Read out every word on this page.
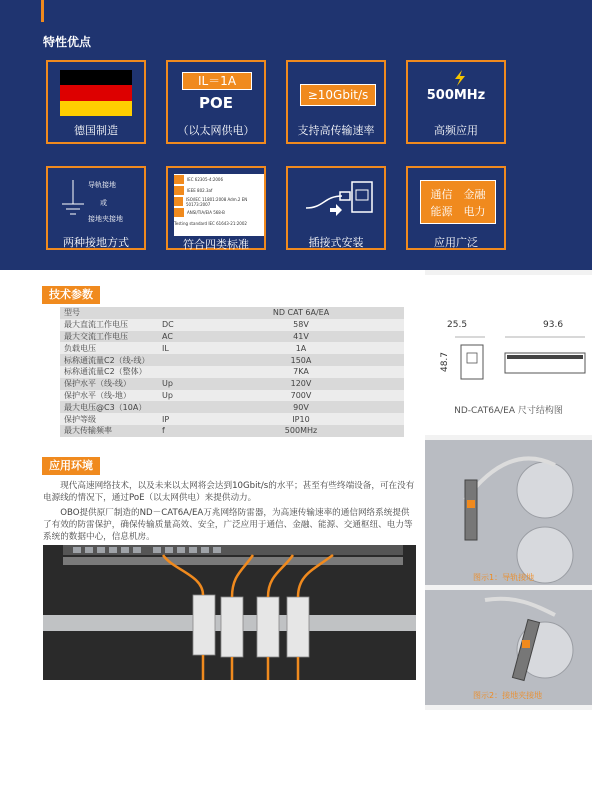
特性优点
德国制造
IL＝1A
POE
（以太网供电）
≥10Gbit/s
支持高传输速率
500MHz
高频应用
导轨接地
或
接地夹接地
两种接地方式
IEC 62305-4:2006
IEEE 802.3af
ISO/IEC 11801:2008 Adm.2 EN 50173:2007
ANSI/TIA/EIA 568-B
Testing standard IEC 61643-21:2002
符合四类标准	插接式安装
通信 金融
能源 电力
应用广泛
技术参数
型号		ND CAT 6A/EA
最大直流工作电压	DC	58V
最大交流工作电压	AC	41V
负载电压	IL	1A
标称通流量C2（线-线）		150A
标称通流量C2（整体）		7KA
保护水平（线-线）	Up	120V
保护水平（线-地）	Up	700V
最大电压@C3（10A）		90V
保护等级	IP	IP10
最大传输频率	f	500MHz
25.5	93.6
48.7
ND-CAT6A/EA 尺寸结构图
应用环境
现代高速网络技术，以及未来以太网将会达到10Gbit/s的水平；甚至有些终端设备，可在没有电源线的情况下，通过PoE（以太网供电）来提供动力。
OBO提供原厂制造的ND－CAT6A/EA万兆网络防雷器，为高速传输速率的通信网络系统提供了有效的防雷保护，确保传输质量高效、安全，广泛应用于通信、金融、能源、交通枢纽、电力等系统的数据中心，信息机房。
图示1：导轨接地
图示2：接地夹接地
